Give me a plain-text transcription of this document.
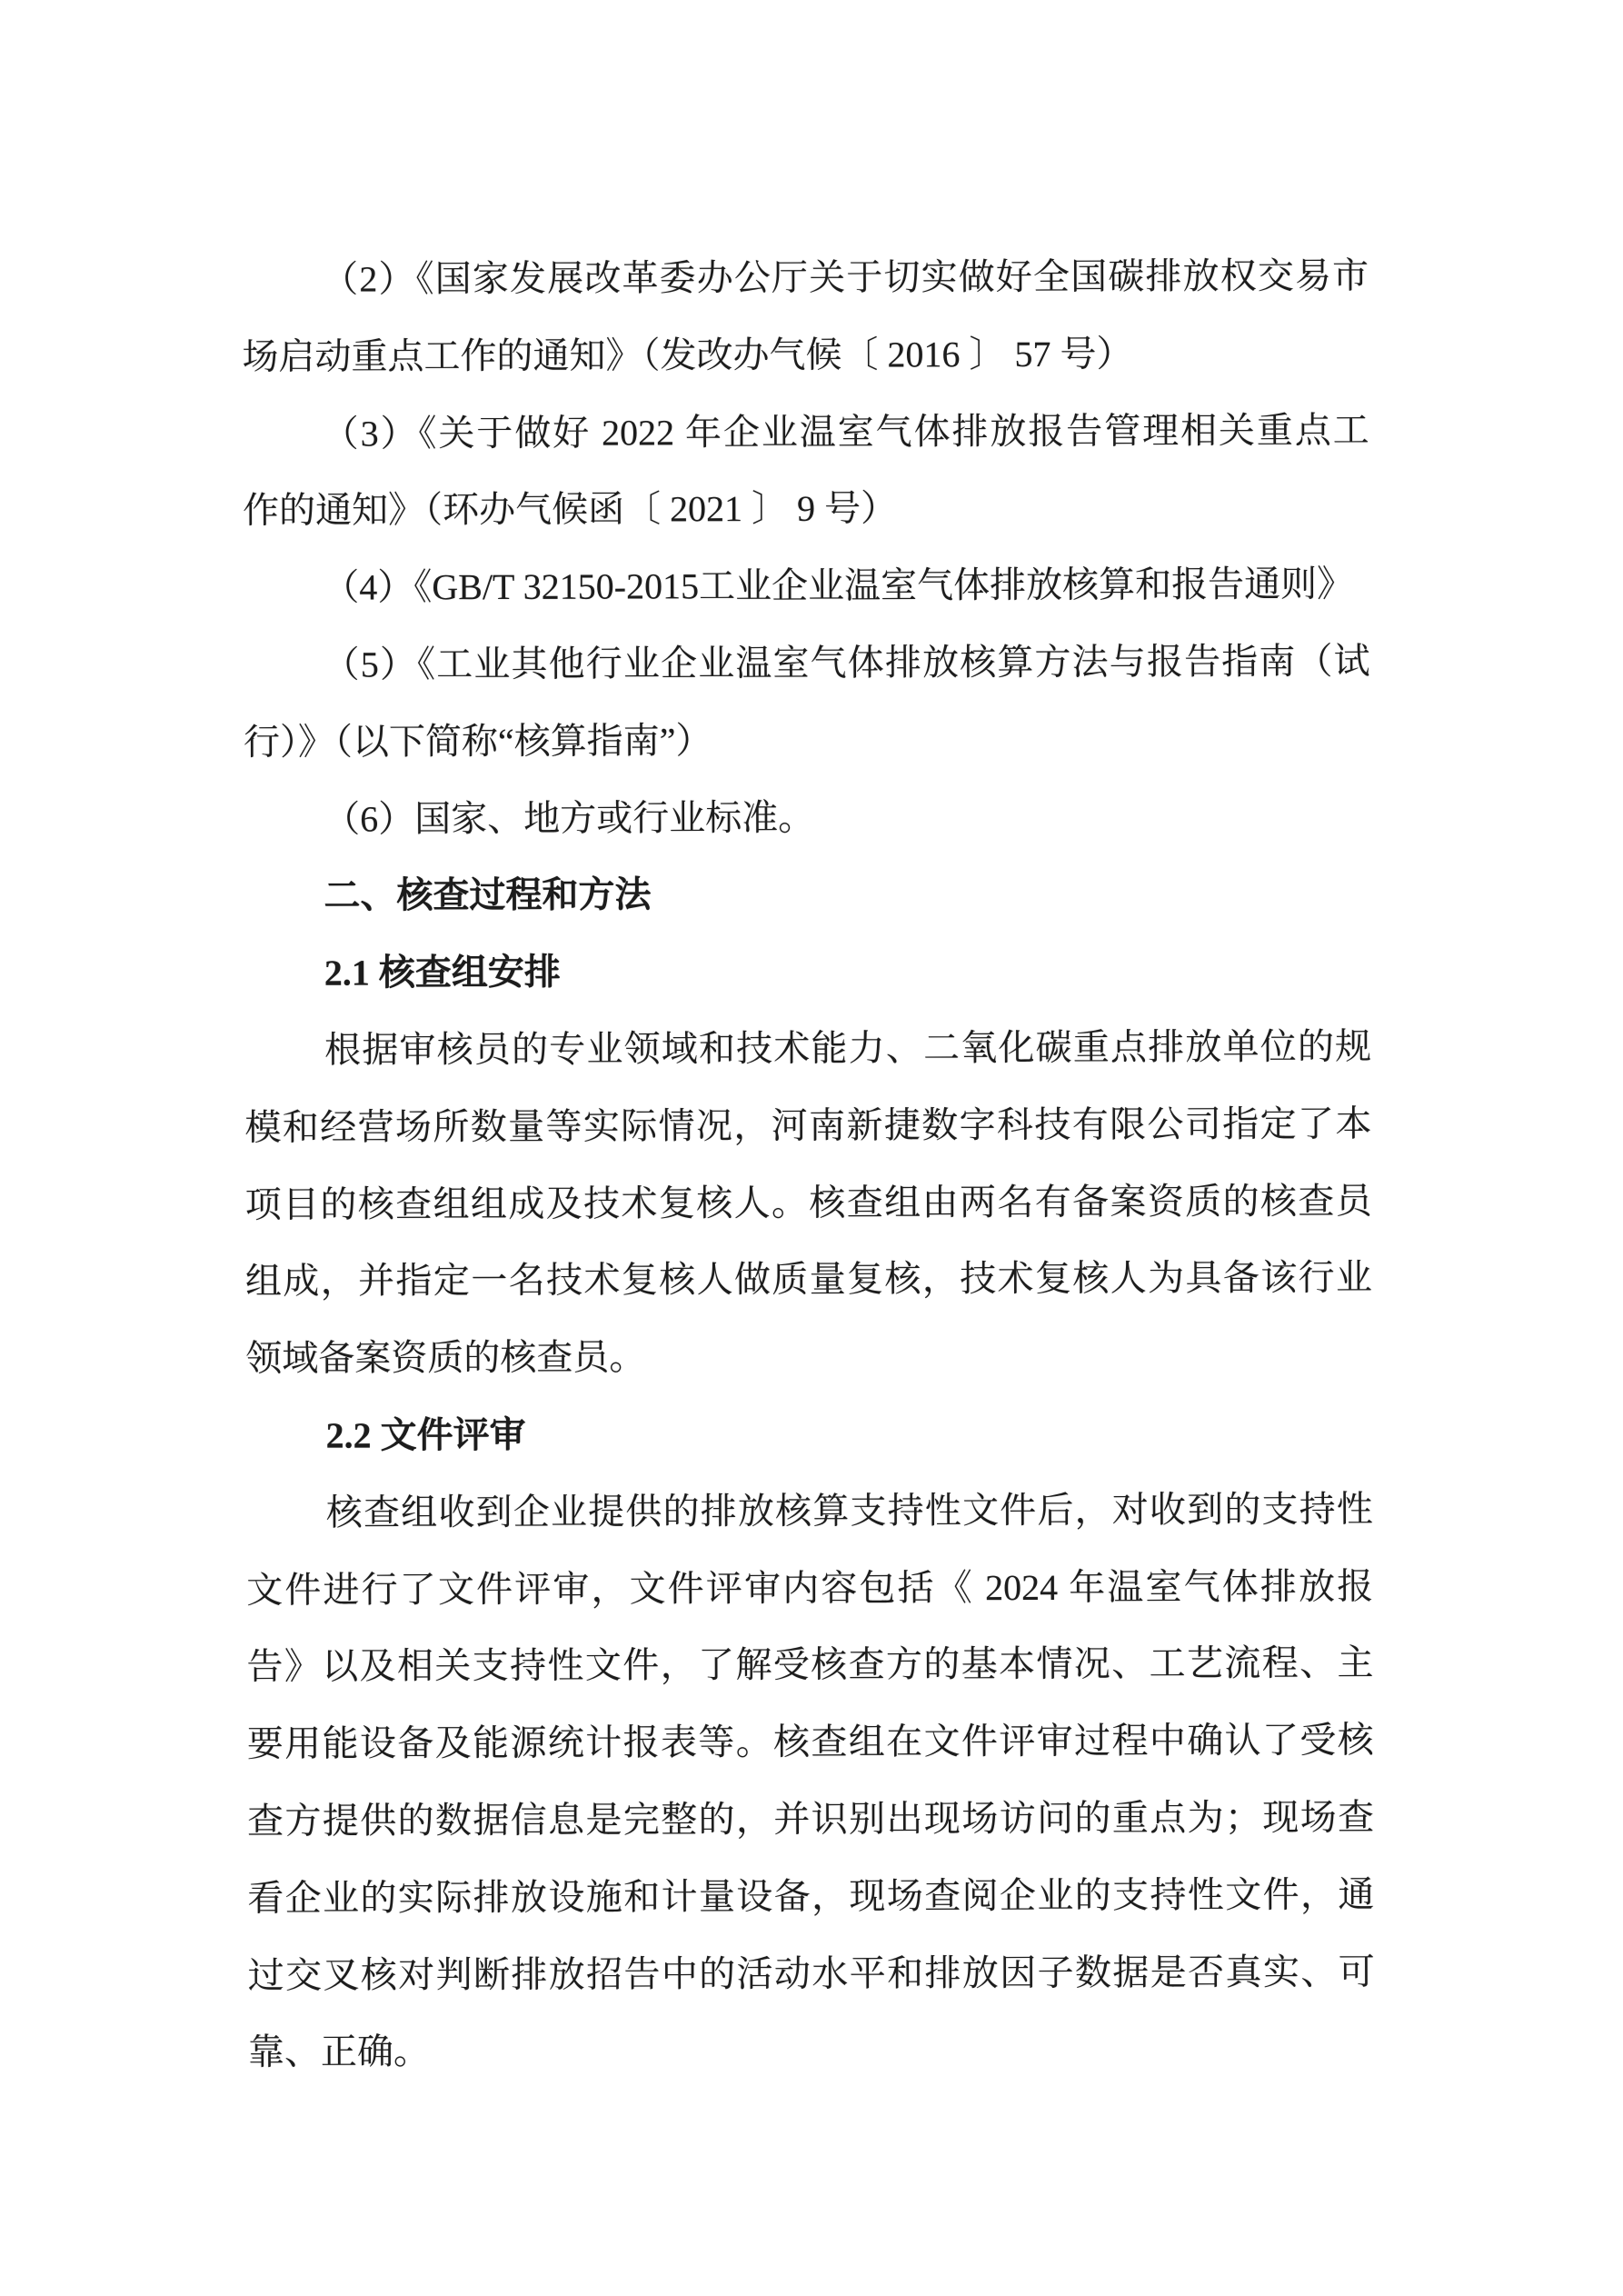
（2）《国家发展改革委办公厅关于切实做好全国碳排放权交易市
场启动重点工作的通知》（发改办气候〔 2016 〕 57 号）
（3）《关于做好 2022 年企业温室气体排放报告管理相关重点工
作的通知》（环办气候函〔 2021 〕 9 号）
（4）《GB/T 32150-2015工业企业温室气体排放核算和报告通则》
（5）《工业其他行业企业温室气体排放核算方法与报告指南（试
行）》（以下简称“核算指南”）
（6）国家、地方或行业标准。
二、核查过程和方法
2.1 核查组安排
根据审核员的专业领域和技术能力、二氧化碳重点排放单位的规
模和经营场所数量等实际情况，河南新捷数字科技有限公司指定了本
项目的核查组组成及技术复核人。核查组由两名有备案资质的核查员
组成，并指定一名技术复核人做质量复核，技术复核人为具备该行业
领域备案资质的核查员。
2.2 文件评审
核查组收到企业提供的排放核算支持性文件后，对收到的支持性
文件进行了文件评审，文件评审内容包括《 2024 年温室气体排放报
告》以及相关支持性文件，了解受核查方的基本情况、工艺流程、主
要用能设备及能源统计报表等。核查组在文件评审过程中确认了受核
查方提供的数据信息是完整的，并识别出现场访问的重点为；现场查
看企业的实际排放设施和计量设备，现场查阅企业的支持性文件，通
过交叉核对判断排放招告中的活动水平和排放因子数据是否真实、可
靠、正确。
